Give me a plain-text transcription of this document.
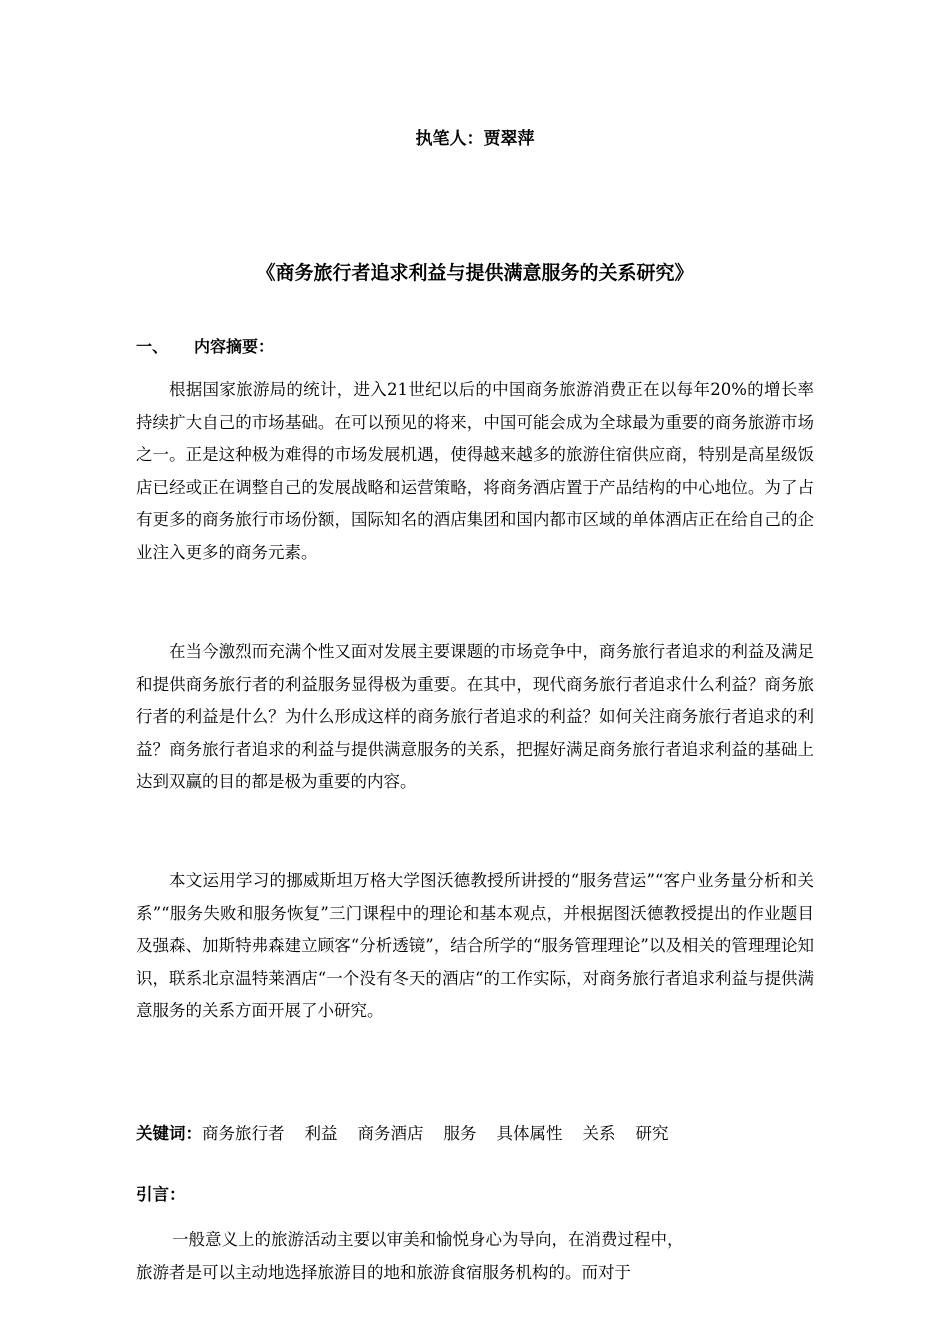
执笔人：贾翠萍
《商务旅行者追求利益与提供满意服务的关系研究》
一、 内容摘要：

根据国家旅游局的统计，进入21世纪以后的中国商务旅游消费正在以每年20%的增长率持续扩大自己的市场基础。在可以预见的将来，中国可能会成为全球最为重要的商务旅游市场之一。正是这种极为难得的市场发展机遇，使得越来越多的旅游住宿供应商，特别是高星级饭店已经或正在调整自己的发展战略和运营策略，将商务酒店置于产品结构的中心地位。为了占有更多的商务旅行市场份额，国际知名的酒店集团和国内都市区域的单体酒店正在给自己的企业注入更多的商务元素。

在当今激烈而充满个性又面对发展主要课题的市场竞争中，商务旅行者追求的利益及满足和提供商务旅行者的利益服务显得极为重要。在其中，现代商务旅行者追求什么利益？商务旅行者的利益是什么？为什么形成这样的商务旅行者追求的利益？如何关注商务旅行者追求的利益？商务旅行者追求的利益与提供满意服务的关系，把握好满足商务旅行者追求利益的基础上达到双赢的目的都是极为重要的内容。

本文运用学习的挪威斯坦万格大学图沃德教授所讲授的“服务营运”“客户业务量分析和关系”“服务失败和服务恢复”三门课程中的理论和基本观点，并根据图沃德教授提出的作业题目及强森、加斯特弗森建立顾客“分析透镜”，结合所学的“服务管理理论”以及相关的管理理论知识，联系北京温特莱酒店“一个没有冬天的酒店“的工作实际，对商务旅行者追求利益与提供满意服务的关系方面开展了小研究。

关键词：商务旅行者 利益 商务酒店 服务 具体属性 关系 研究
引言：
一般意义上的旅游活动主要以审美和愉悦身心为导向，在消费过程中，
旅游者是可以主动地选择旅游目的地和旅游食宿服务机构的。而对于
